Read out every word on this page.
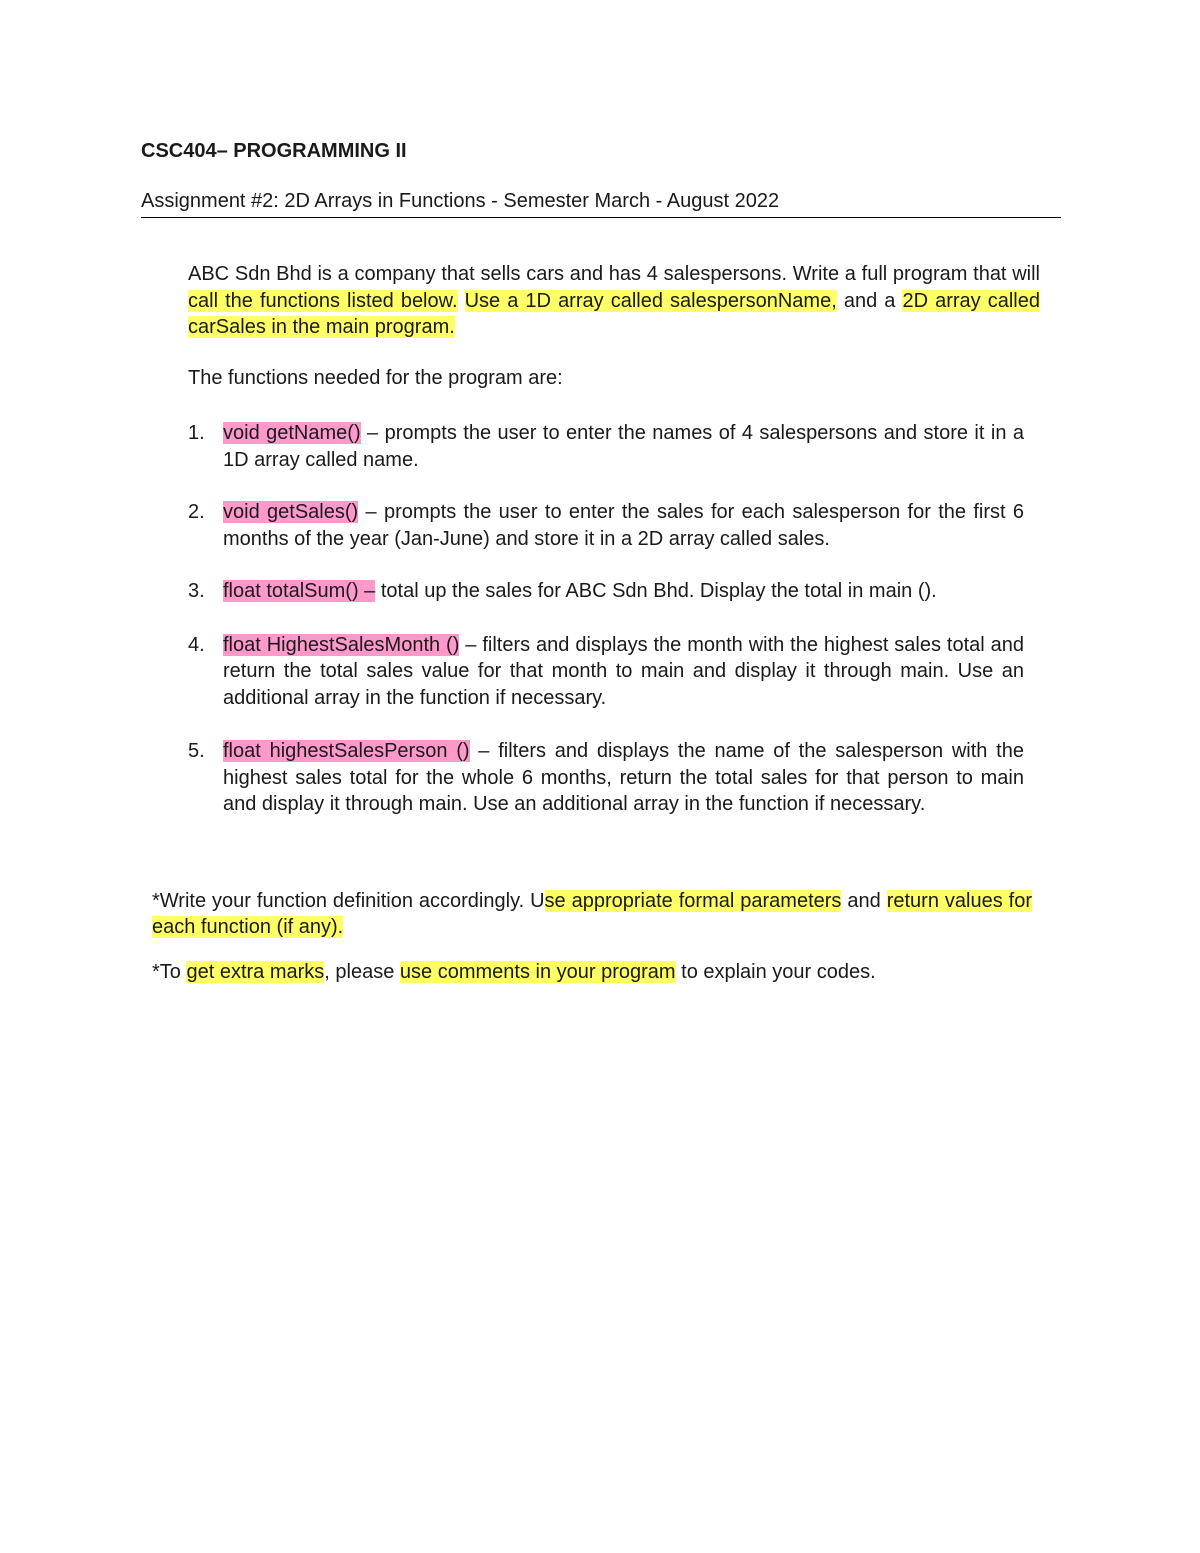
CSC404– PROGRAMMING II
Assignment #2: 2D Arrays in Functions - Semester March - August 2022

ABC Sdn Bhd is a company that sells cars and has 4 salespersons. Write a full program that will call the functions listed below. Use a 1D array called salespersonName, and a 2D array called carSales in the main program.

The functions needed for the program are:

1. void getName() – prompts the user to enter the names of 4 salespersons and store it in a 1D array called name.
2. void getSales() – prompts the user to enter the sales for each salesperson for the first 6 months of the year (Jan-June) and store it in a 2D array called sales.
3. float totalSum() – total up the sales for ABC Sdn Bhd. Display the total in main ().
4. float HighestSalesMonth () – filters and displays the month with the highest sales total and return the total sales value for that month to main and display it through main. Use an additional array in the function if necessary.
5. float highestSalesPerson () – filters and displays the name of the salesperson with the highest sales total for the whole 6 months, return the total sales for that person to main and display it through main. Use an additional array in the function if necessary.

*Write your function definition accordingly. Use appropriate formal parameters and return values for each function (if any).

*To get extra marks, please use comments in your program to explain your codes.
